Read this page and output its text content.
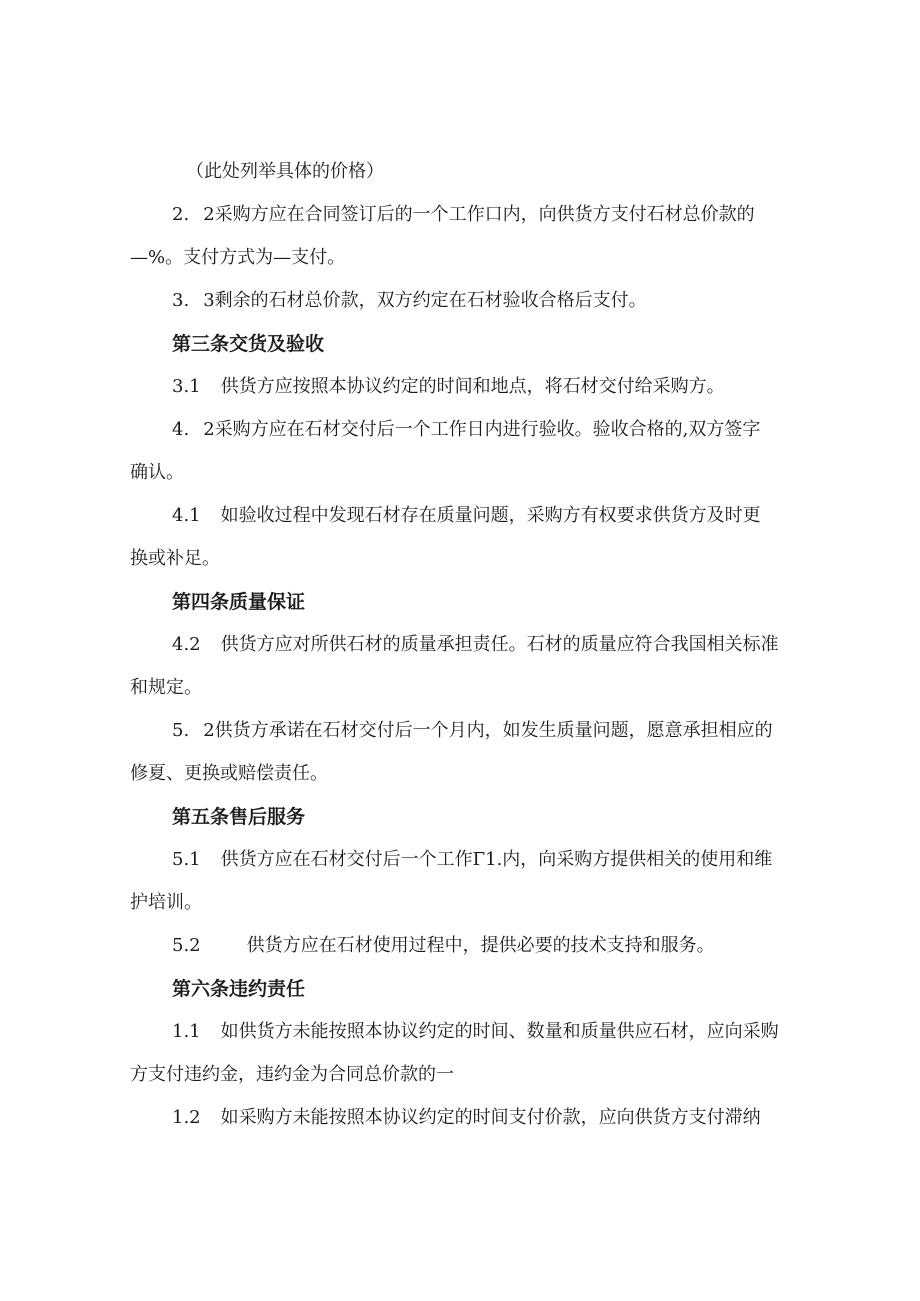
（此处列举具体的价格）
2. 2采购方应在合同签订后的一个工作口内，向供货方支付石材总价款的
—%。支付方式为—支付。
3. 3剩余的石材总价款，双方约定在石材验收合格后支付。
第三条交货及验收
3.1 供货方应按照本协议约定的时间和地点，将石材交付给采购方。
4. 2采购方应在石材交付后一个工作日内进行验收。验收合格的,双方签字
确认。
4.1 如验收过程中发现石材存在质量问题，采购方有权要求供货方及时更
换或补足。
第四条质量保证
4.2 供货方应对所供石材的质量承担责任。石材的质量应符合我国相关标准
和规定。
5. 2供货方承诺在石材交付后一个月内，如发生质量问题，愿意承担相应的
修夏、更换或赔偿责任。
第五条售后服务
5.1 供货方应在石材交付后一个工作Γ1.内，向采购方提供相关的使用和维
护培训。
5.2	供货方应在石材使用过程中，提供必要的技术支持和服务。
第六条违约责任
1.1 如供货方未能按照本协议约定的时间、数量和质量供应石材，应向采购
方支付违约金，违约金为合同总价款的一
1.2 如采购方未能按照本协议约定的时间支付价款，应向供货方支付滞纳
